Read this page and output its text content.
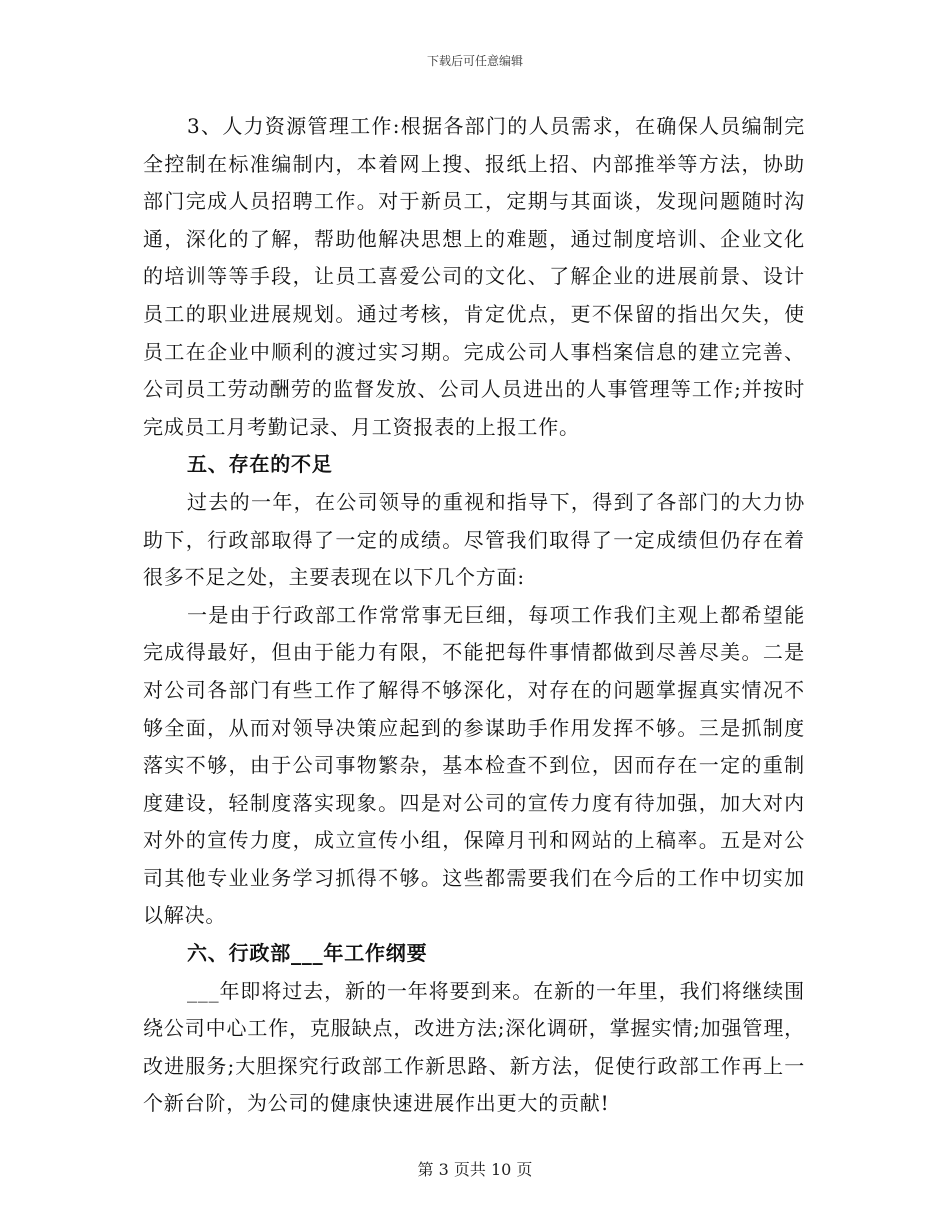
下载后可任意编辑

3、人力资源管理工作:根据各部门的人员需求，在确保人员编制完全控制在标准编制内，本着网上搜、报纸上招、内部推举等方法，协助部门完成人员招聘工作。对于新员工，定期与其面谈，发现问题随时沟通，深化的了解，帮助他解决思想上的难题，通过制度培训、企业文化的培训等等手段，让员工喜爱公司的文化、了解企业的进展前景、设计员工的职业进展规划。通过考核，肯定优点，更不保留的指出欠失，使员工在企业中顺利的渡过实习期。完成公司人事档案信息的建立完善、公司员工劳动酬劳的监督发放、公司人员进出的人事管理等工作;并按时完成员工月考勤记录、月工资报表的上报工作。

五、存在的不足

过去的一年，在公司领导的重视和指导下，得到了各部门的大力协助下，行政部取得了一定的成绩。尽管我们取得了一定成绩但仍存在着很多不足之处，主要表现在以下几个方面:

一是由于行政部工作常常事无巨细，每项工作我们主观上都希望能完成得最好，但由于能力有限，不能把每件事情都做到尽善尽美。二是对公司各部门有些工作了解得不够深化，对存在的问题掌握真实情况不够全面，从而对领导决策应起到的参谋助手作用发挥不够。三是抓制度落实不够，由于公司事物繁杂，基本检查不到位，因而存在一定的重制度建设，轻制度落实现象。四是对公司的宣传力度有待加强，加大对内对外的宣传力度，成立宣传小组，保障月刊和网站的上稿率。五是对公司其他专业业务学习抓得不够。这些都需要我们在今后的工作中切实加以解决。

六、行政部___年工作纲要

___年即将过去，新的一年将要到来。在新的一年里，我们将继续围绕公司中心工作，克服缺点，改进方法;深化调研，掌握实情;加强管理，改进服务;大胆探究行政部工作新思路、新方法，促使行政部工作再上一个新台阶，为公司的健康快速进展作出更大的贡献!

第 3 页共 10 页
